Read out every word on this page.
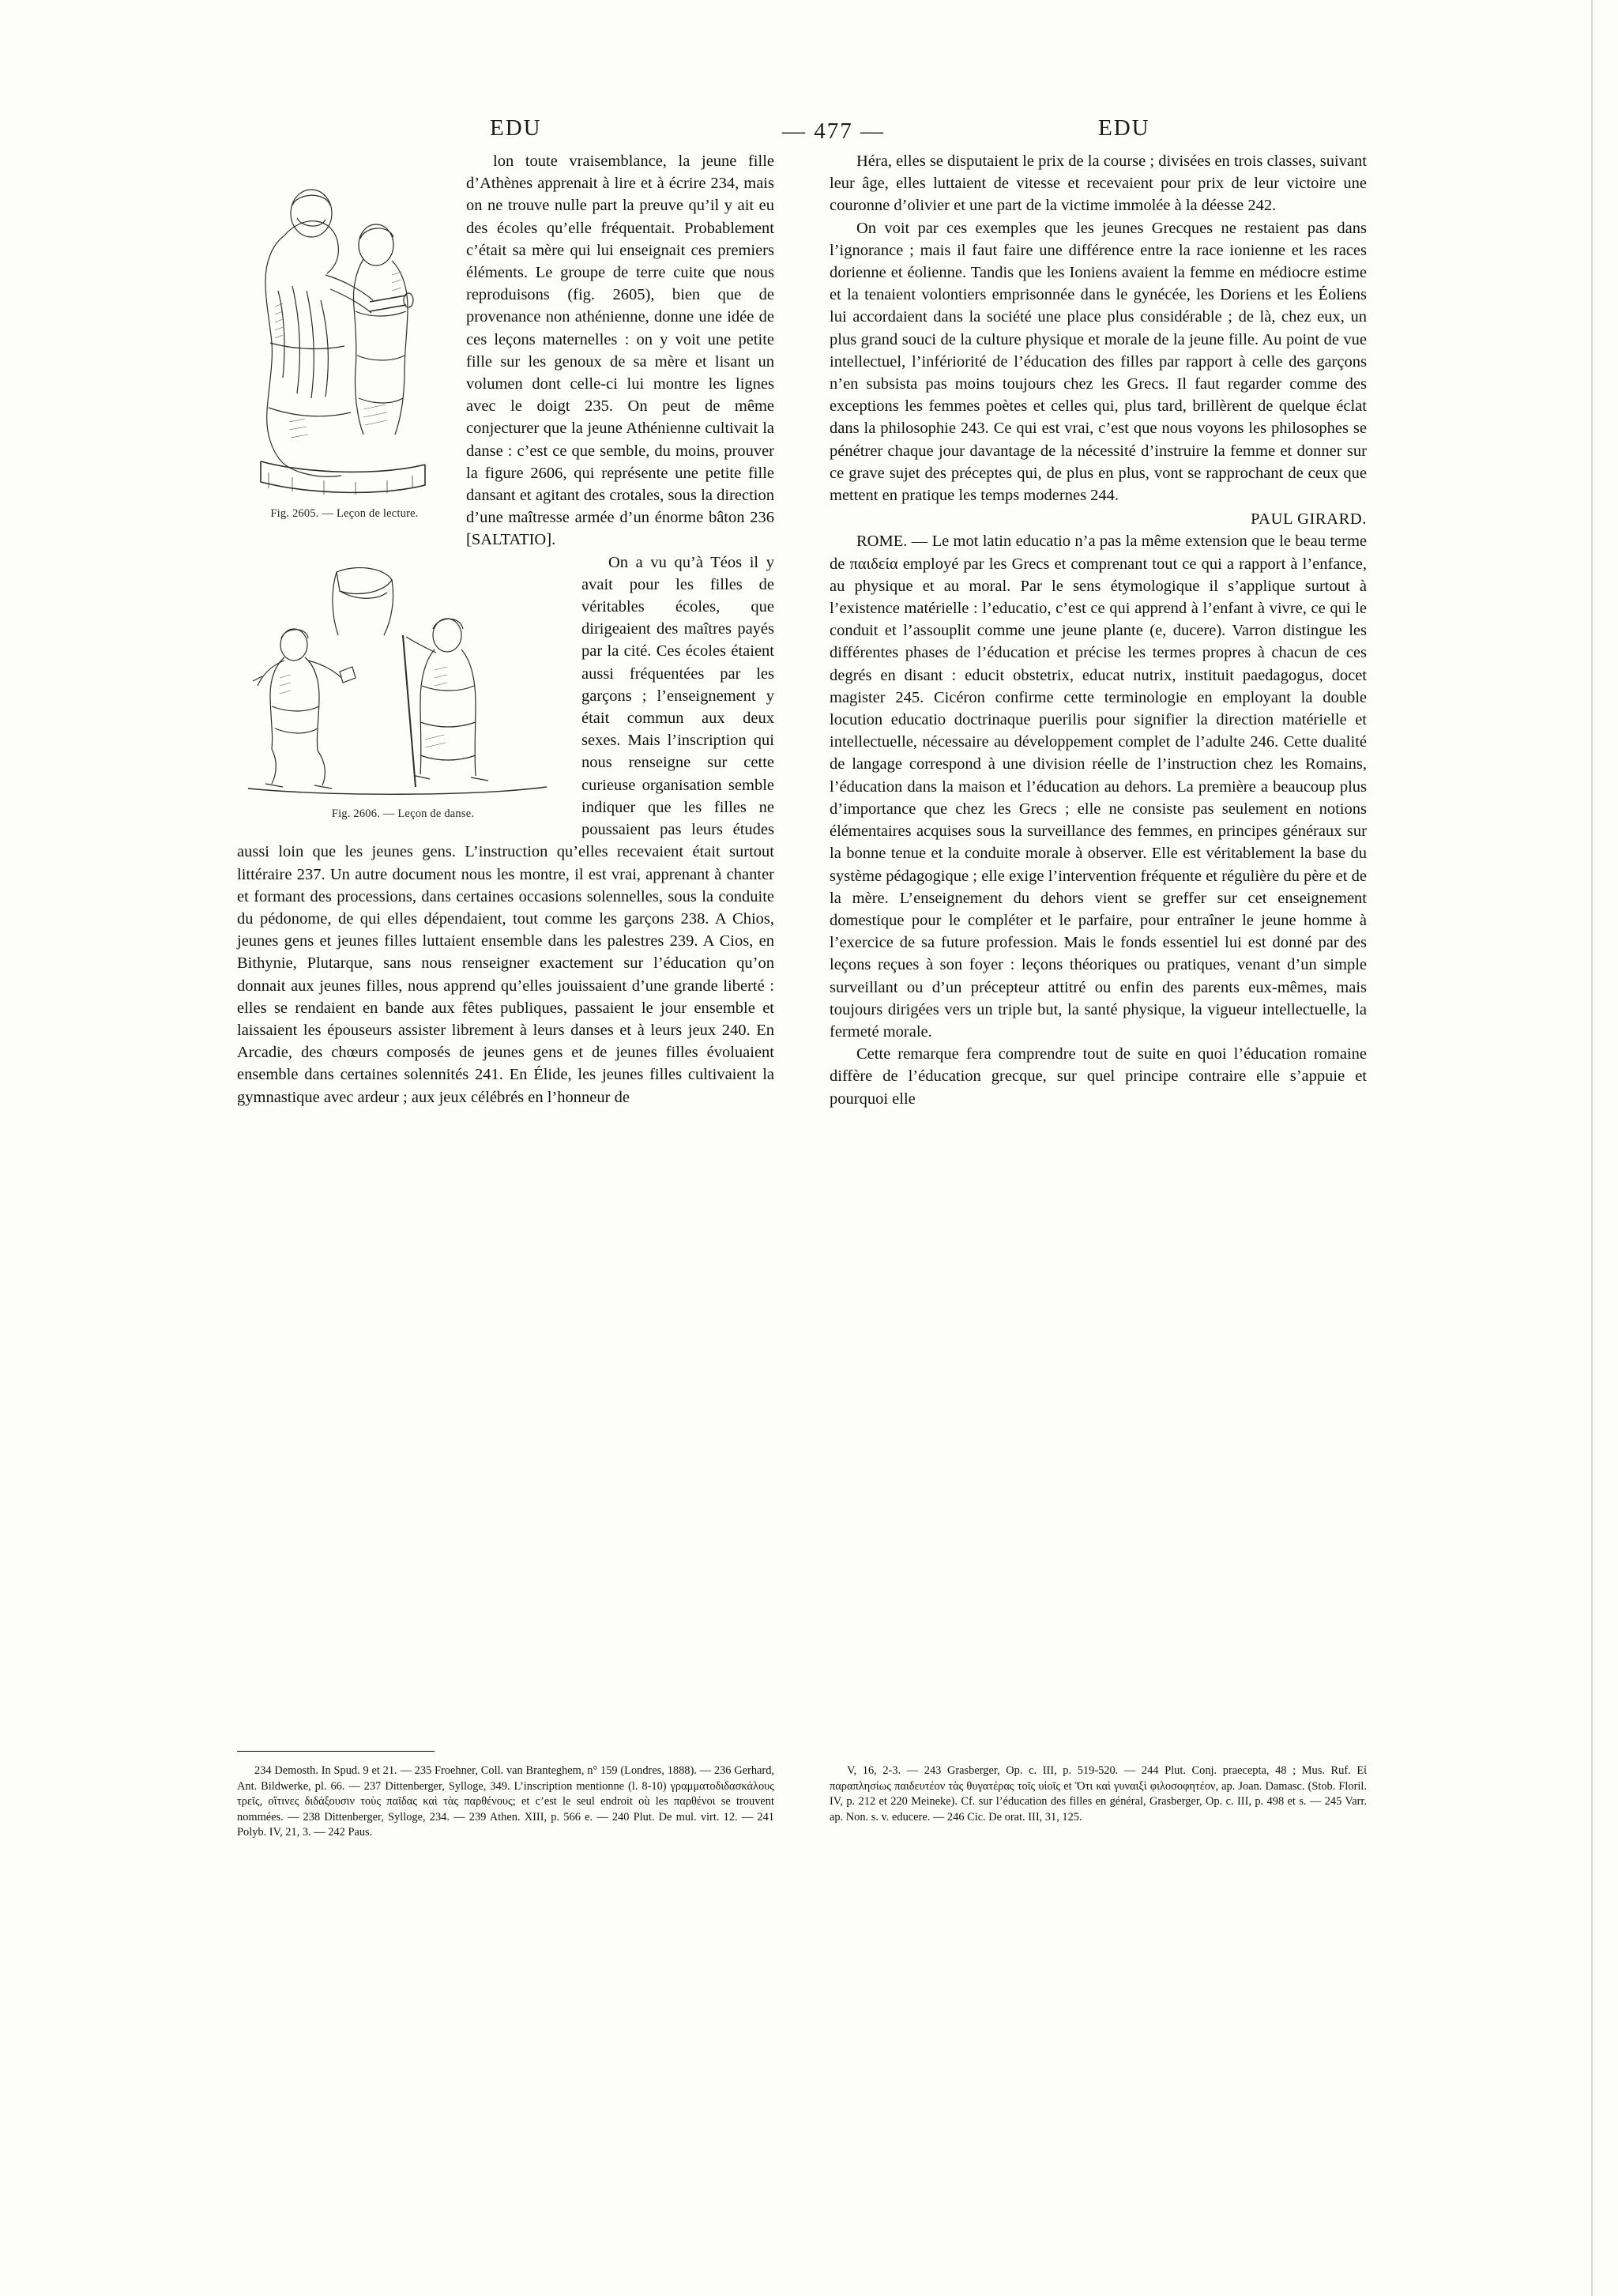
EDU	— 477 —	EDU
Fig. 2605. — Leçon de lecture.

lon toute vraisemblance, la jeune fille d’Athènes apprenait à lire et à écrire 234, mais on ne trouve nulle part la preuve qu’il y ait eu des écoles qu’elle fréquentait. Probablement c’était sa mère qui lui enseignait ces premiers éléments. Le groupe de terre cuite que nous reproduisons (fig. 2605), bien que de provenance non athénienne, donne une idée de ces leçons maternelles : on y voit une petite fille sur les genoux de sa mère et lisant un volumen dont celle-ci lui montre les lignes avec le doigt 235. On peut de même conjecturer que la jeune Athénienne cultivait la danse : c’est ce que semble, du moins, prouver la figure 2606, qui représente une petite fille dansant et agitant des crotales, sous la direction d’une maîtresse armée d’un énorme bâton 236 [SALTATIO].

Fig. 2606. — Leçon de danse.

On a vu qu’à Téos il y avait pour les filles de véritables écoles, que dirigeaient des maîtres payés par la cité. Ces écoles étaient aussi fréquentées par les garçons ; l’enseignement y était commun aux deux sexes. Mais l’inscription qui nous renseigne sur cette curieuse organisation semble indiquer que les filles ne poussaient pas leurs études aussi loin que les jeunes gens. L’instruction qu’elles recevaient était surtout littéraire 237. Un autre document nous les montre, il est vrai, apprenant à chanter et formant des processions, dans certaines occasions solennelles, sous la conduite du pédonome, de qui elles dépendaient, tout comme les garçons 238. A Chios, jeunes gens et jeunes filles luttaient ensemble dans les palestres 239. A Cios, en Bithynie, Plutarque, sans nous renseigner exactement sur l’éducation qu’on donnait aux jeunes filles, nous apprend qu’elles jouissaient d’une grande liberté : elles se rendaient en bande aux fêtes publiques, passaient le jour ensemble et laissaient les épouseurs assister librement à leurs danses et à leurs jeux 240. En Arcadie, des chœurs composés de jeunes gens et de jeunes filles évoluaient ensemble dans certaines solennités 241. En Élide, les jeunes filles cultivaient la gymnastique avec ardeur ; aux jeux célébrés en l’honneur de

Héra, elles se disputaient le prix de la course ; divisées en trois classes, suivant leur âge, elles luttaient de vitesse et recevaient pour prix de leur victoire une couronne d’olivier et une part de la victime immolée à la déesse 242.

On voit par ces exemples que les jeunes Grecques ne restaient pas dans l’ignorance ; mais il faut faire une différence entre la race ionienne et les races dorienne et éolienne. Tandis que les Ioniens avaient la femme en médiocre estime et la tenaient volontiers emprisonnée dans le gynécée, les Doriens et les Éoliens lui accordaient dans la société une place plus considérable ; de là, chez eux, un plus grand souci de la culture physique et morale de la jeune fille. Au point de vue intellectuel, l’infériorité de l’éducation des filles par rapport à celle des garçons n’en subsista pas moins toujours chez les Grecs. Il faut regarder comme des exceptions les femmes poètes et celles qui, plus tard, brillèrent de quelque éclat dans la philosophie 243. Ce qui est vrai, c’est que nous voyons les philosophes se pénétrer chaque jour davantage de la nécessité d’instruire la femme et donner sur ce grave sujet des préceptes qui, de plus en plus, vont se rapprochant de ceux que mettent en pratique les temps modernes 244.

PAUL GIRARD.

ROME. — Le mot latin educatio n’a pas la même extension que le beau terme de παιδεία employé par les Grecs et comprenant tout ce qui a rapport à l’enfance, au physique et au moral. Par le sens étymologique il s’applique surtout à l’existence matérielle : l’educatio, c’est ce qui apprend à l’enfant à vivre, ce qui le conduit et l’assouplit comme une jeune plante (e, ducere). Varron distingue les différentes phases de l’éducation et précise les termes propres à chacun de ces degrés en disant : educit obstetrix, educat nutrix, instituit paedagogus, docet magister 245. Cicéron confirme cette terminologie en employant la double locution educatio doctrinaque puerilis pour signifier la direction matérielle et intellectuelle, nécessaire au développement complet de l’adulte 246. Cette dualité de langage correspond à une division réelle de l’instruction chez les Romains, l’éducation dans la maison et l’éducation au dehors. La première a beaucoup plus d’importance que chez les Grecs ; elle ne consiste pas seulement en notions élémentaires acquises sous la surveillance des femmes, en principes généraux sur la bonne tenue et la conduite morale à observer. Elle est véritablement la base du système pédagogique ; elle exige l’intervention fréquente et régulière du père et de la mère. L’enseignement du dehors vient se greffer sur cet enseignement domestique pour le compléter et le parfaire, pour entraîner le jeune homme à l’exercice de sa future profession. Mais le fonds essentiel lui est donné par des leçons reçues à son foyer : leçons théoriques ou pratiques, venant d’un simple surveillant ou d’un précepteur attitré ou enfin des parents eux-mêmes, mais toujours dirigées vers un triple but, la santé physique, la vigueur intellectuelle, la fermeté morale.

Cette remarque fera comprendre tout de suite en quoi l’éducation romaine diffère de l’éducation grecque, sur quel principe contraire elle s’appuie et pourquoi elle

234 Demosth. In Spud. 9 et 21. — 235 Froehner, Coll. van Branteghem, n° 159 (Londres, 1888). — 236 Gerhard, Ant. Bildwerke, pl. 66. — 237 Dittenberger, Sylloge, 349. L’inscription mentionne (l. 8-10) γραμματοδιδασκάλους τρεῖς, οἵτινες διδάξουσιν τοὺς παῖδας καὶ τὰς παρθένους; et c’est le seul endroit où les παρθένοι se trouvent nommées. — 238 Dittenberger, Sylloge, 234. — 239 Athen. XIII, p. 566 e. — 240 Plut. De mul. virt. 12. — 241 Polyb. IV, 21, 3. — 242 Paus.

V, 16, 2-3. — 243 Grasberger, Op. c. III, p. 519-520. — 244 Plut. Conj. praecepta, 48 ; Mus. Ruf. Εἰ παραπλησίως παιδευτέον τὰς θυγατέρας τοῖς υἱοῖς et Ὅτι καὶ γυναιξὶ φιλοσοφητέον, ap. Joan. Damasc. (Stob. Floril. IV, p. 212 et 220 Meineke). Cf. sur l’éducation des filles en général, Grasberger, Op. c. III, p. 498 et s. — 245 Varr. ap. Non. s. v. educere. — 246 Cic. De orat. III, 31, 125.
